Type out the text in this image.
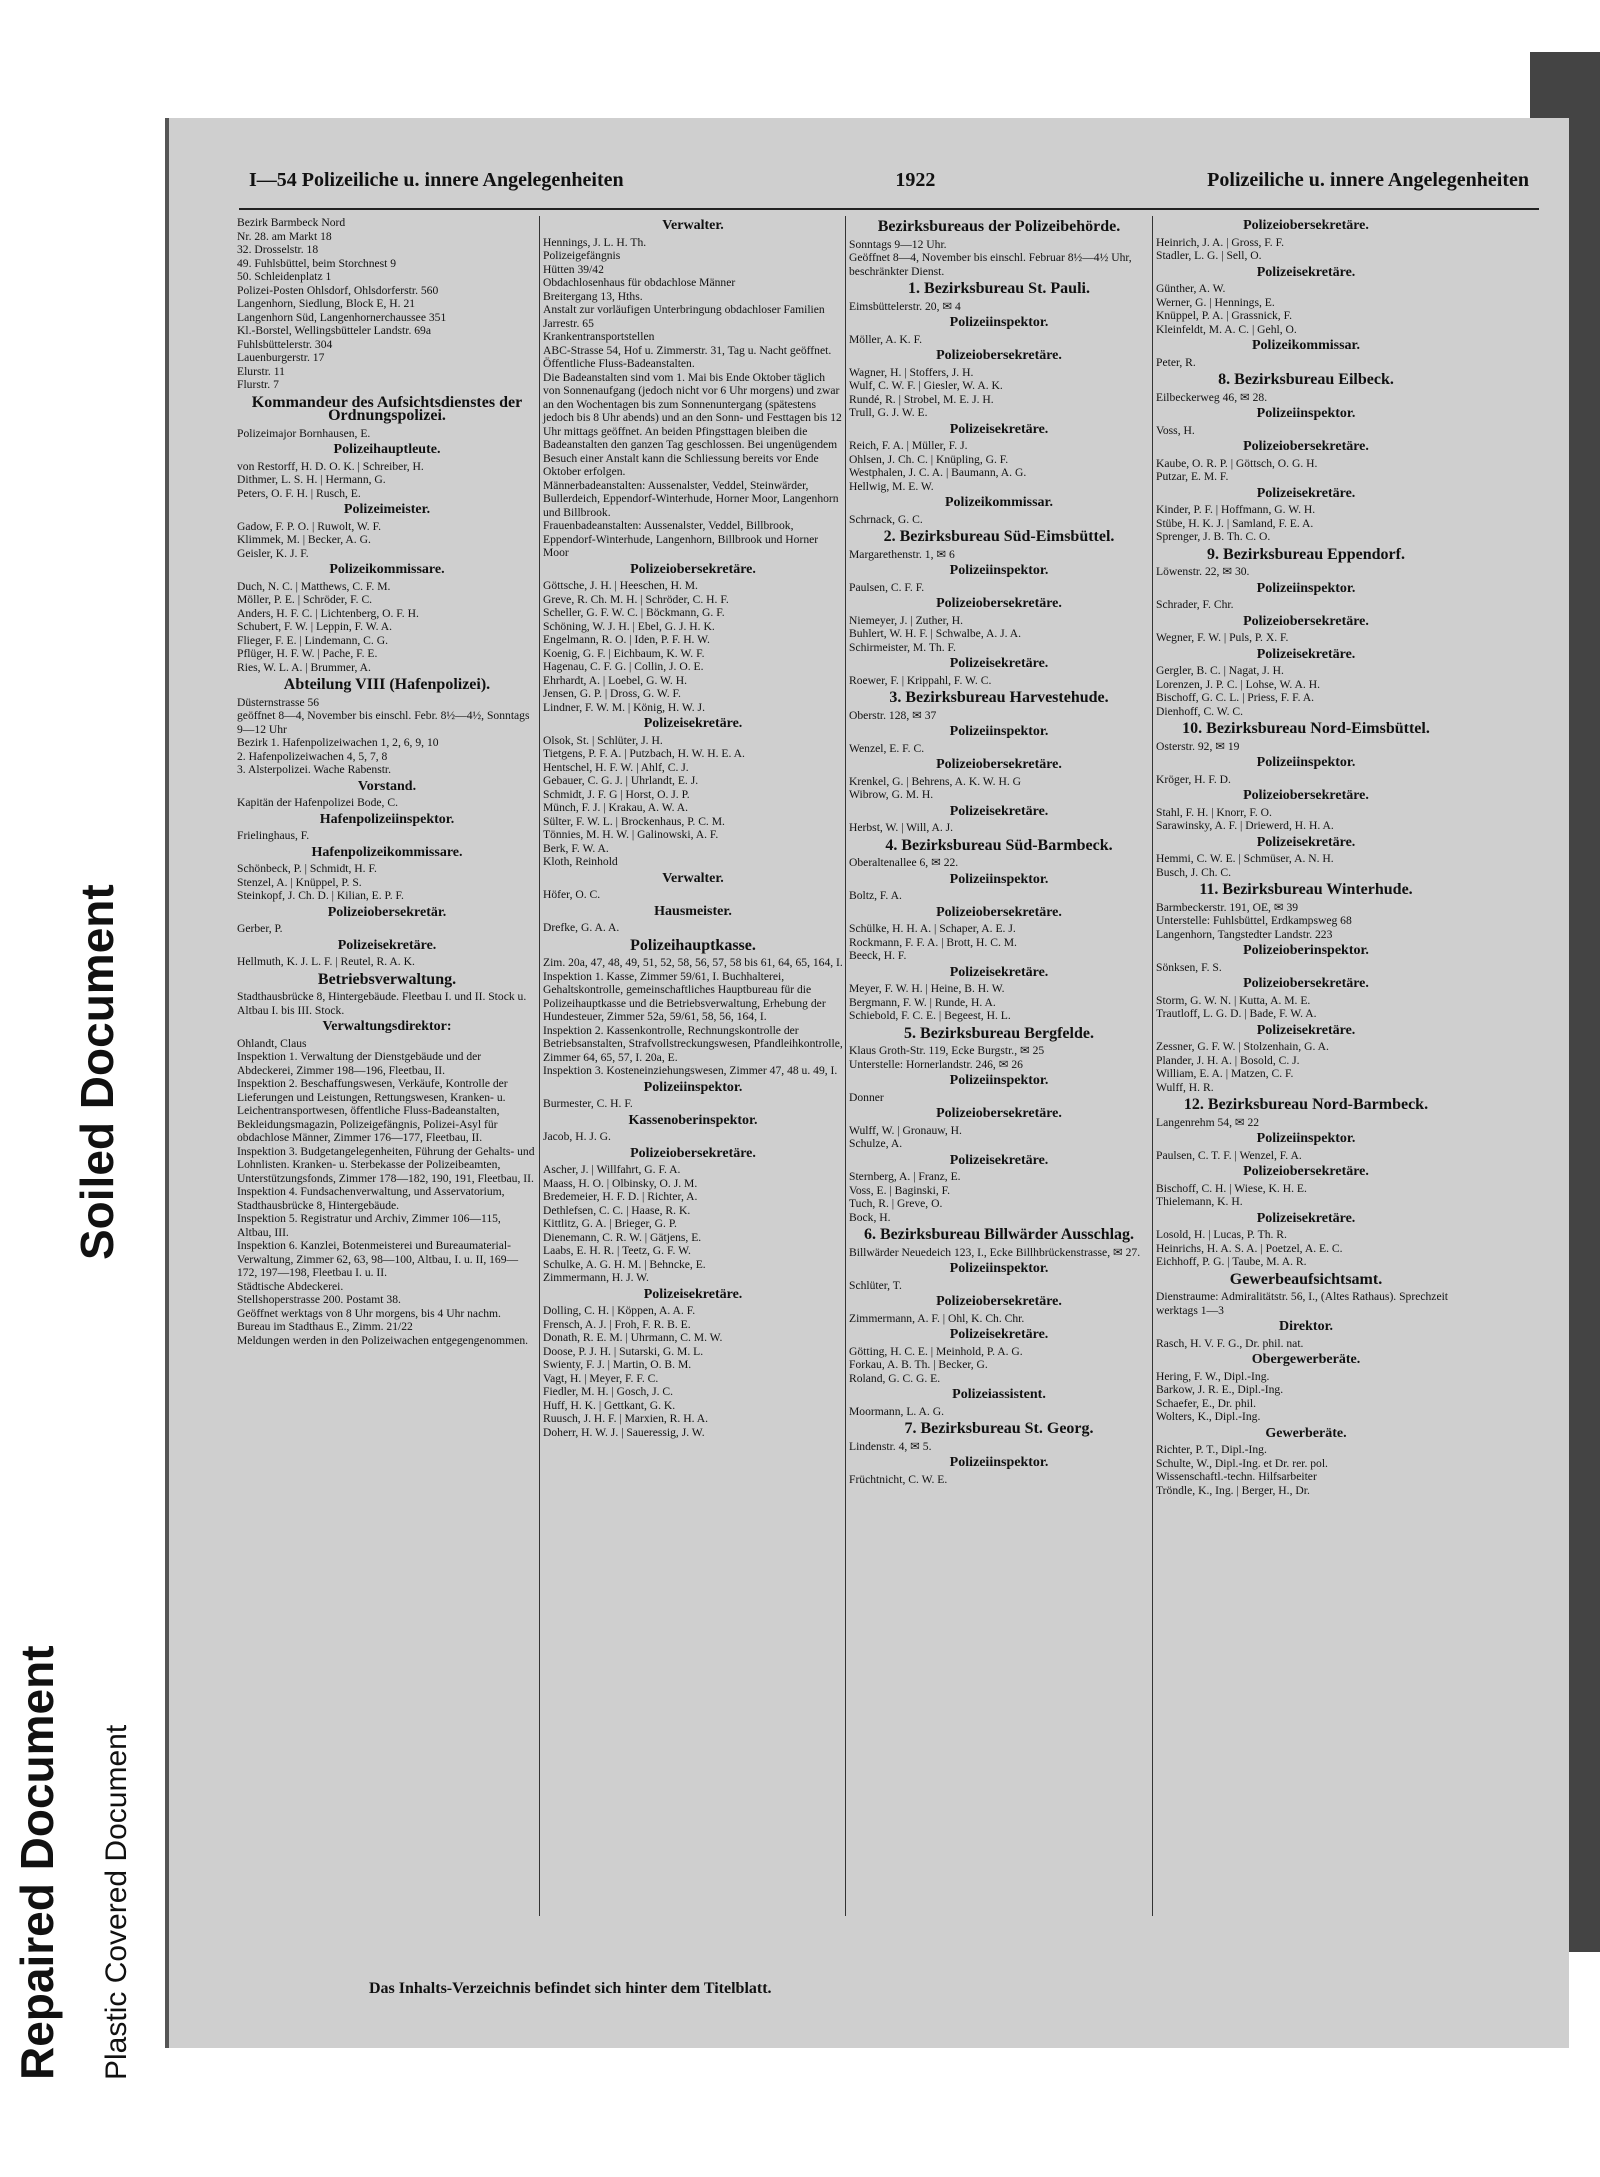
Soiled Document
Repaired Document Plastic Covered Document
I—54 Polizeiliche u. innere Angelegenheiten	1922	Polizeiliche u. innere Angelegenheiten
Bezirk Barmbeck Nord
Nr. 28. am Markt 18
32. Drosselstr. 18
49. Fuhlsbüttel, beim Storchnest 9
50. Schleidenplatz 1
Polizei-Posten Ohlsdorf, Ohlsdorferstr. 560
Langenhorn, Siedlung, Block E, H. 21
Langenhorn Süd, Langenhornerchaussee 351
Kl.-Borstel, Wellingsbütteler Landstr. 69a
Fuhlsbüttelerstr. 304
Lauenburgerstr. 17
Elurstr. 11
Flurstr. 7
Kommandeur des Aufsichtsdienstes der Ordnungspolizei.
Polizeimajor Bornhausen, E.
Polizeihauptleute.
von Restorff, H. D. O. K. | Schreiber, H.
Dithmer, L. S. H. | Hermann, G.
Peters, O. F. H. | Rusch, E.
Polizeimeister.
Gadow, F. P. O. | Ruwolt, W. F.
Klimmek, M. | Becker, A. G.
Geisler, K. J. F.
Polizeikommissare.
Duch, N. C. | Matthews, C. F. M.
Möller, P. E. | Schröder, F. C.
Anders, H. F. C. | Lichtenberg, O. F. H.
Schubert, F. W. | Leppin, F. W. A.
Flieger, F. E. | Lindemann, C. G.
Pflüger, H. F. W. | Pache, F. E.
Ries, W. L. A. | Brummer, A.
Abteilung VIII (Hafenpolizei).
Düsternstrasse 56
geöffnet 8—4, November bis einschl. Febr. 8½—4½, Sonntags 9—12 Uhr
Bezirk 1. Hafenpolizeiwachen 1, 2, 6, 9, 10
2. Hafenpolizeiwachen 4, 5, 7, 8
3. Alsterpolizei. Wache Rabenstr.
Vorstand.
Kapitän der Hafenpolizei Bode, C.
Hafenpolizeiinspektor.
Frielinghaus, F.
Hafenpolizeikommissare.
Schönbeck, P. | Schmidt, H. F.
Stenzel, A. | Knüppel, P. S.
Steinkopf, J. Ch. D. | Kilian, E. P. F.
Polizeiobersekretär.
Gerber, P.
Polizeisekretäre.
Hellmuth, K. J. L. F. | Reutel, R. A. K.
Betriebsverwaltung.
Stadthausbrücke 8, Hintergebäude. Fleetbau I. und II. Stock u. Altbau I. bis III. Stock.
Verwaltungsdirektor:
Ohlandt, Claus
Inspektion 1. Verwaltung der Dienstgebäude und der Abdeckerei, Zimmer 198—196, Fleetbau, II.
Inspektion 2. Beschaffungswesen, Verkäufe, Kontrolle der Lieferungen und Leistungen, Rettungswesen, Kranken- u. Leichentransportwesen, öffentliche Fluss-Badeanstalten, Bekleidungsmagazin, Polizeigefängnis, Polizei-Asyl für obdachlose Männer, Zimmer 176—177, Fleetbau, II.
Inspektion 3. Budgetangelegenheiten, Führung der Gehalts- und Lohnlisten. Kranken- u. Sterbekasse der Polizeibeamten, Unterstützungsfonds, Zimmer 178—182, 190, 191, Fleetbau, II.
Inspektion 4. Fundsachenverwaltung, und Asservatorium, Stadthausbrücke 8, Hintergebäude.
Inspektion 5. Registratur und Archiv, Zimmer 106—115, Altbau, III.
Inspektion 6. Kanzlei, Botenmeisterei und Bureaumaterial-Verwaltung, Zimmer 62, 63, 98—100, Altbau, I. u. II, 169—172, 197—198, Fleetbau I. u. II.
Städtische Abdeckerei.
Stellshoperstrasse 200. Postamt 38.
Geöffnet werktags von 8 Uhr morgens, bis 4 Uhr nachm. Bureau im Stadthaus E., Zimm. 21/22
Meldungen werden in den Polizeiwachen entgegengenommen.
Verwalter.
Hennings, J. L. H. Th.
Polizeigefängnis
Hütten 39/42
Obdachlosenhaus für obdachlose Männer
Breitergang 13, Hths.
Anstalt zur vorläufigen Unterbringung obdachloser Familien
Jarrestr. 65
Krankentransportstellen
ABC-Strasse 54, Hof u. Zimmerstr. 31, Tag u. Nacht geöffnet.
Öffentliche Fluss-Badeanstalten.
Die Badeanstalten sind vom 1. Mai bis Ende Oktober täglich von Sonnenaufgang (jedoch nicht vor 6 Uhr morgens) und zwar an den Wochentagen bis zum Sonnenuntergang (spätestens jedoch bis 8 Uhr abends) und an den Sonn- und Festtagen bis 12 Uhr mittags geöffnet. An beiden Pfingsttagen bleiben die Badeanstalten den ganzen Tag geschlossen. Bei ungenügendem Besuch einer Anstalt kann die Schliessung bereits vor Ende Oktober erfolgen.
Männerbadeanstalten: Aussenalster, Veddel, Steinwärder, Bullerdeich, Eppendorf-Winterhude, Horner Moor, Langenhorn und Billbrook.
Frauenbadeanstalten: Aussenalster, Veddel, Billbrook, Eppendorf-Winterhude, Langenhorn, Billbrook und Horner Moor
Polizeiobersekretäre.
Göttsche, J. H. | Heeschen, H. M.
Greve, R. Ch. M. H. | Schröder, C. H. F.
Scheller, G. F. W. C. | Böckmann, G. F.
Schöning, W. J. H. | Ebel, G. J. H. K.
Engelmann, R. O. | Iden, P. F. H. W.
Koenig, G. F. | Eichbaum, K. W. F.
Hagenau, C. F. G. | Collin, J. O. E.
Ehrhardt, A. | Loebel, G. W. H.
Jensen, G. P. | Dross, G. W. F.
Lindner, F. W. M. | König, H. W. J.
Polizeisekretäre.
Olsok, St. | Schlüter, J. H.
Tietgens, P. F. A. | Putzbach, H. W. H. E. A.
Hentschel, H. F. W. | Ahlf, C. J.
Gebauer, C. G. J. | Uhrlandt, E. J.
Schmidt, J. F. G | Horst, O. J. P.
Münch, F. J. | Krakau, A. W. A.
Sülter, F. W. L. | Brockenhaus, P. C. M.
Tönnies, M. H. W. | Galinowski, A. F.
Berk, F. W. A.
Kloth, Reinhold
Verwalter.
Höfer, O. C.
Hausmeister.
Drefke, G. A. A.
Polizeihauptkasse.
Zim. 20a, 47, 48, 49, 51, 52, 58, 56, 57, 58 bis 61, 64, 65, 164, I.
Inspektion 1. Kasse, Zimmer 59/61, I. Buchhalterei, Gehaltskontrolle, gemeinschaftliches Hauptbureau für die Polizeihauptkasse und die Betriebsverwaltung, Erhebung der Hundesteuer, Zimmer 52a, 59/61, 58, 56, 164, I.
Inspektion 2. Kassenkontrolle, Rechnungskontrolle der Betriebsanstalten, Strafvollstreckungswesen, Pfandleihkontrolle, Zimmer 64, 65, 57, I. 20a, E.
Inspektion 3. Kosteneinziehungswesen, Zimmer 47, 48 u. 49, I.
Polizeiinspektor.
Burmester, C. H. F.
Kassenoberinspektor.
Jacob, H. J. G.
Polizeiobersekretäre.
Ascher, J. | Willfahrt, G. F. A.
Maass, H. O. | Olbinsky, O. J. M.
Bredemeier, H. F. D. | Richter, A.
Dethlefsen, C. C. | Haase, R. K.
Kittlitz, G. A. | Brieger, G. P.
Dienemann, C. R. W. | Gätjens, E.
Laabs, E. H. R. | Teetz, G. F. W.
Schulke, A. G. H. M. | Behncke, E.
Zimmermann, H. J. W.
Polizeisekretäre.
Dolling, C. H. | Köppen, A. A. F.
Frensch, A. J. | Froh, F. R. B. E.
Donath, R. E. M. | Uhrmann, C. M. W.
Doose, P. J. H. | Sutarski, G. M. L.
Swienty, F. J. | Martin, O. B. M.
Vagt, H. | Meyer, F. F. C.
Fiedler, M. H. | Gosch, J. C.
Huff, H. K. | Gettkant, G. K.
Ruusch, J. H. F. | Marxien, R. H. A.
Doherr, H. W. J. | Saueressig, J. W.
Bezirksbureaus der Polizeibehörde.
Sonntags 9—12 Uhr.
Geöffnet 8—4, November bis einschl. Februar 8½—4½ Uhr, beschränkter Dienst.
1. Bezirksbureau St. Pauli.
Eimsbüttelerstr. 20, ✉ 4
Polizeiinspektor.
Möller, A. K. F.
Polizeiobersekretäre.
Wagner, H. | Stoffers, J. H.
Wulf, C. W. F. | Giesler, W. A. K.
Rundé, R. | Strobel, M. E. J. H.
Trull, G. J. W. E.
Polizeisekretäre.
Reich, F. A. | Müller, F. J.
Ohlsen, J. Ch. C. | Knüpling, G. F.
Westphalen, J. C. A. | Baumann, A. G.
Hellwig, M. E. W.
Polizeikommissar.
Schrnack, G. C.
2. Bezirksbureau Süd-Eimsbüttel.
Margarethenstr. 1, ✉ 6
Polizeiinspektor.
Paulsen, C. F. F.
Polizeiobersekretäre.
Niemeyer, J. | Zuther, H.
Buhlert, W. H. F. | Schwalbe, A. J. A.
Schirmeister, M. Th. F.
Polizeisekretäre.
Roewer, F. | Krippahl, F. W. C.
3. Bezirksbureau Harvestehude.
Oberstr. 128, ✉ 37
Polizeiinspektor.
Wenzel, E. F. C.
Polizeiobersekretäre.
Krenkel, G. | Behrens, A. K. W. H. G
Wibrow, G. M. H.
Polizeisekretäre.
Herbst, W. | Will, A. J.
4. Bezirksbureau Süd-Barmbeck.
Oberaltenallee 6, ✉ 22.
Polizeiinspektor.
Boltz, F. A.
Polizeiobersekretäre.
Schülke, H. H. A. | Schaper, A. E. J.
Rockmann, F. F. A. | Brott, H. C. M.
Beeck, H. F.
Polizeisekretäre.
Meyer, F. W. H. | Heine, B. H. W.
Bergmann, F. W. | Runde, H. A.
Schiebold, F. C. E. | Begeest, H. L.
5. Bezirksbureau Bergfelde.
Klaus Groth-Str. 119, Ecke Burgstr., ✉ 25
Unterstelle: Hornerlandstr. 246, ✉ 26
Polizeiinspektor.
Donner
Polizeiobersekretäre.
Wulff, W. | Gronauw, H.
Schulze, A.
Polizeisekretäre.
Sternberg, A. | Franz, E.
Voss, E. | Baginski, F.
Tuch, R. | Greve, O.
Bock, H.
6. Bezirksbureau Billwärder Ausschlag.
Billwärder Neuedeich 123, I., Ecke Billhbrückenstrasse, ✉ 27.
Polizeiinspektor.
Schlüter, T.
Polizeiobersekretäre.
Zimmermann, A. F. | Ohl, K. Ch. Chr.
Polizeisekretäre.
Götting, H. C. E. | Meinhold, P. A. G.
Forkau, A. B. Th. | Becker, G.
Roland, G. C. G. E.
Polizeiassistent.
Moormann, L. A. G.
7. Bezirksbureau St. Georg.
Lindenstr. 4, ✉ 5.
Polizeiinspektor.
Früchtnicht, C. W. E.
Polizeiobersekretäre.
Heinrich, J. A. | Gross, F. F.
Stadler, L. G. | Sell, O.
Polizeisekretäre.
Günther, A. W.
Werner, G. | Hennings, E.
Knüppel, P. A. | Grassnick, F.
Kleinfeldt, M. A. C. | Gehl, O.
Polizeikommissar.
Peter, R.
8. Bezirksbureau Eilbeck.
Eilbeckerweg 46, ✉ 28.
Polizeiinspektor.
Voss, H.
Polizeiobersekretäre.
Kaube, O. R. P. | Göttsch, O. G. H.
Putzar, E. M. F.
Polizeisekretäre.
Kinder, P. F. | Hoffmann, G. W. H.
Stübe, H. K. J. | Samland, F. E. A.
Sprenger, J. B. Th. C. O.
9. Bezirksbureau Eppendorf.
Löwenstr. 22, ✉ 30.
Polizeiinspektor.
Schrader, F. Chr.
Polizeiobersekretäre.
Wegner, F. W. | Puls, P. X. F.
Polizeisekretäre.
Gergler, B. C. | Nagat, J. H.
Lorenzen, J. P. C. | Lohse, W. A. H.
Bischoff, G. C. L. | Priess, F. F. A.
Dienhoff, C. W. C.
10. Bezirksbureau Nord-Eimsbüttel.
Osterstr. 92, ✉ 19
Polizeiinspektor.
Kröger, H. F. D.
Polizeiobersekretäre.
Stahl, F. H. | Knorr, F. O.
Sarawinsky, A. F. | Driewerd, H. H. A.
Polizeisekretäre.
Hemmi, C. W. E. | Schmüser, A. N. H.
Busch, J. Ch. C.
11. Bezirksbureau Winterhude.
Barmbeckerstr. 191, OE, ✉ 39
Unterstelle: Fuhlsbüttel, Erdkampsweg 68
Langenhorn, Tangstedter Landstr. 223
Polizeioberinspektor.
Sönksen, F. S.
Polizeiobersekretäre.
Storm, G. W. N. | Kutta, A. M. E.
Trautloff, L. G. D. | Bade, F. W. A.
Polizeisekretäre.
Zessner, G. F. W. | Stolzenhain, G. A.
Plander, J. H. A. | Bosold, C. J.
William, E. A. | Matzen, C. F.
Wulff, H. R.
12. Bezirksbureau Nord-Barmbeck.
Langenrehm 54, ✉ 22
Polizeiinspektor.
Paulsen, C. T. F. | Wenzel, F. A.
Polizeiobersekretäre.
Bischoff, C. H. | Wiese, K. H. E.
Thielemann, K. H.
Polizeisekretäre.
Losold, H. | Lucas, P. Th. R.
Heinrichs, H. A. S. A. | Poetzel, A. E. C.
Eichhoff, P. G. | Taube, M. A. R.
Gewerbeaufsichtsamt.
Dienstraume: Admiralitätstr. 56, I., (Altes Rathaus). Sprechzeit werktags 1—3
Direktor.
Rasch, H. V. F. G., Dr. phil. nat.
Obergewerberäte.
Hering, F. W., Dipl.-Ing.
Barkow, J. R. E., Dipl.-Ing.
Schaefer, E., Dr. phil.
Wolters, K., Dipl.-Ing.
Gewerberäte.
Richter, P. T., Dipl.-Ing.
Schulte, W., Dipl.-Ing. et Dr. rer. pol.
Wissenschaftl.-techn. Hilfsarbeiter
Tröndle, K., Ing. | Berger, H., Dr.
Das Inhalts-Verzeichnis befindet sich hinter dem Titelblatt.
